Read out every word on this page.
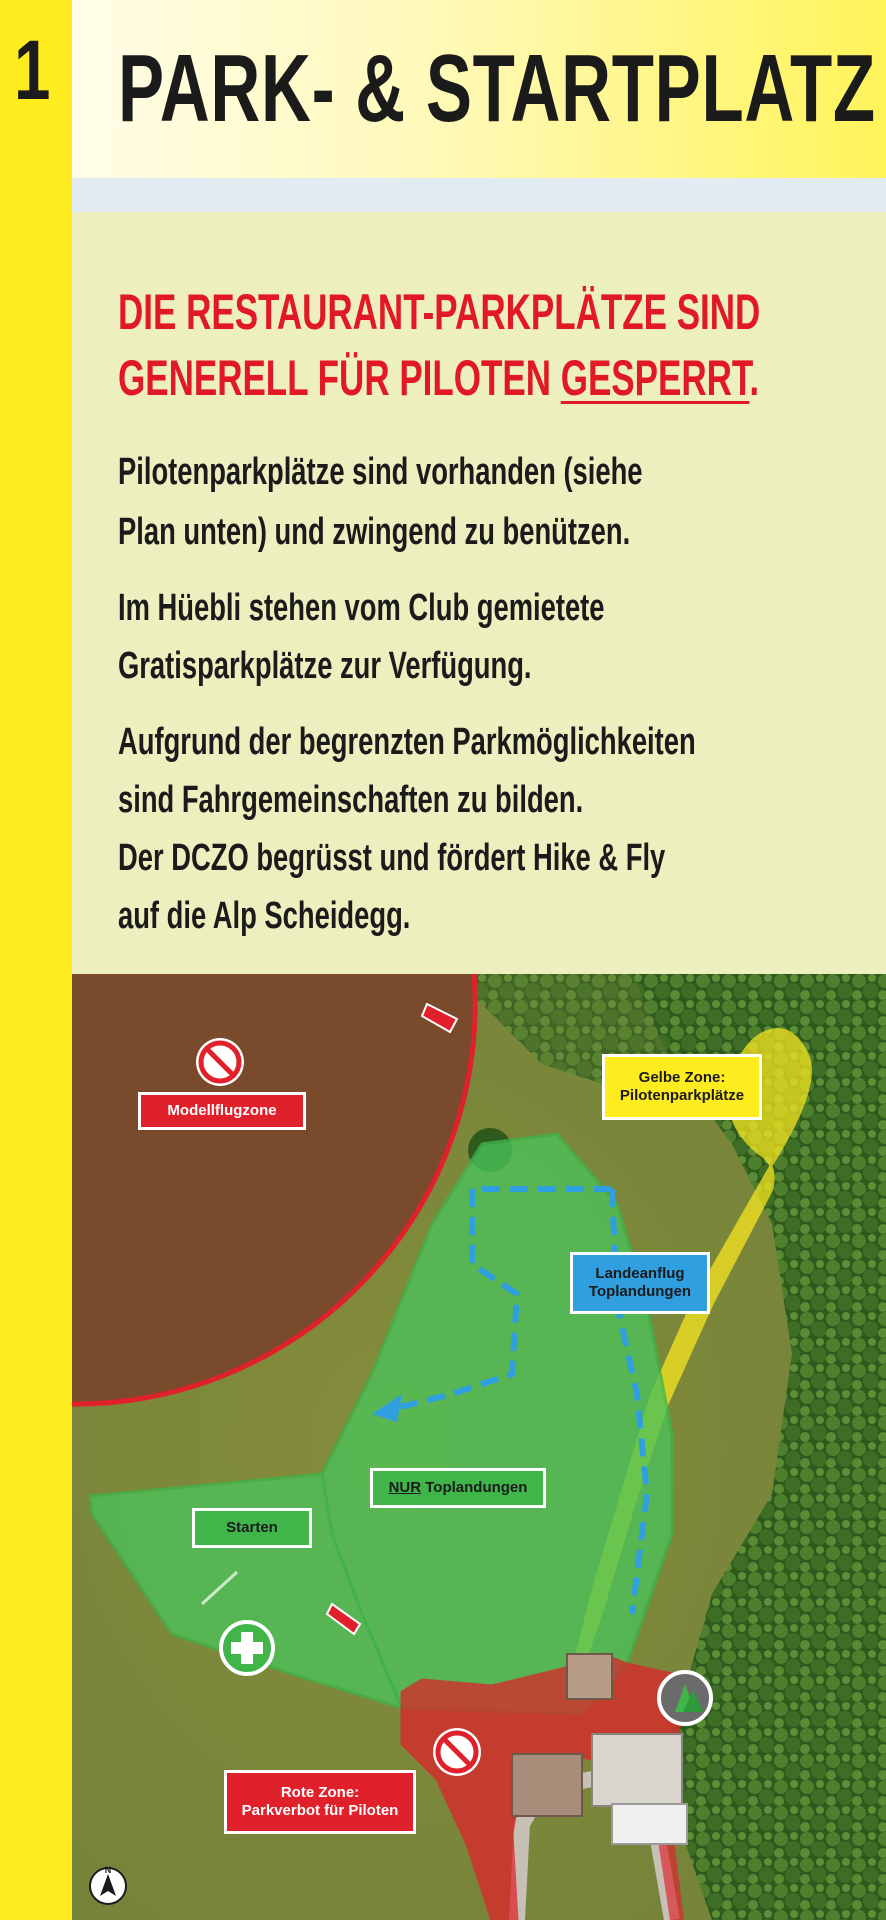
1 PARK- & STARTPLATZ
DIE RESTAURANT-PARKPLÄTZE SIND
GENERELL FÜR PILOTEN GESPERRT.
Pilotenparkplätze sind vorhanden (siehe
Plan unten) und zwingend zu benützen.
Im Hüebli stehen vom Club gemietete
Gratisparkplätze zur Verfügung.
Aufgrund der begrenzten Parkmöglichkeiten
sind Fahrgemeinschaften zu bilden.
Der DCZO begrüsst und fördert Hike & Fly
auf die Alp Scheidegg.
Modellflugzone
Gelbe Zone:
Pilotenparkplätze
Landeanflug
Toplandungen
NUR Toplandungen
Starten
Rote Zone:
Parkverbot für Piloten
N
